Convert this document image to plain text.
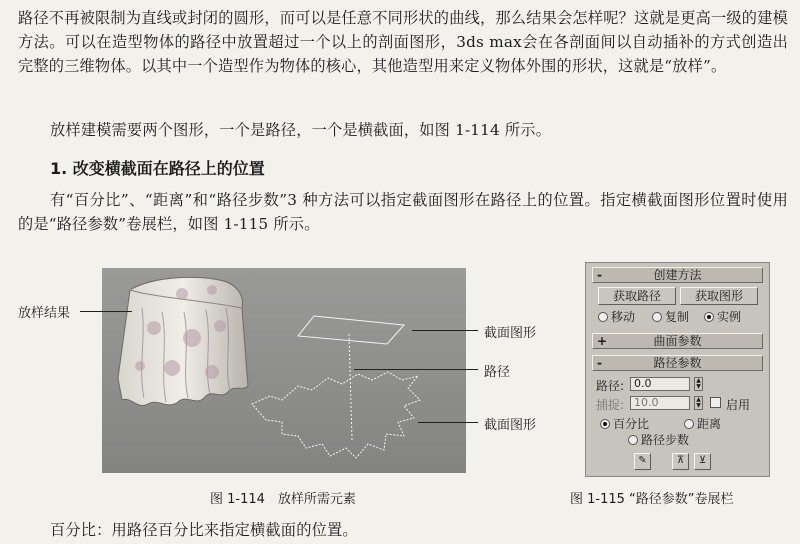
路径不再被限制为直线或封闭的圆形，而可以是任意不同形状的曲线，那么结果会怎样呢？这就是更高一级的建模方法。可以在造型物体的路径中放置超过一个以上的剖面图形，3ds max会在各剖面间以自动插补的方式创造出完整的三维物体。以其中一个造型作为物体的核心，其他造型用来定义物体外围的形状，这就是“放样”。

放样建模需要两个图形，一个是路径，一个是横截面，如图 1-114 所示。

1. 改变横截面在路径上的位置

有“百分比”、“距离”和“路径步数”3 种方法可以指定截面图形在路径上的位置。指定横截面图形位置时使用的是“路径参数”卷展栏，如图 1-115 所示。

放样结果
截面图形
路径
截面图形
图 1-114　放样所需元素
-	创建方法
获取路径	获取图形
移动	复制	实例
+	曲面参数
-	路径参数
路径: 0.0	▲
▼
捕捉: 10.0	▲
▼ 启用
百分比	距离
路径步数
✎	⊼	⊻
图 1-115 “路径参数”卷展栏

百分比：用路径百分比来指定横截面的位置。
